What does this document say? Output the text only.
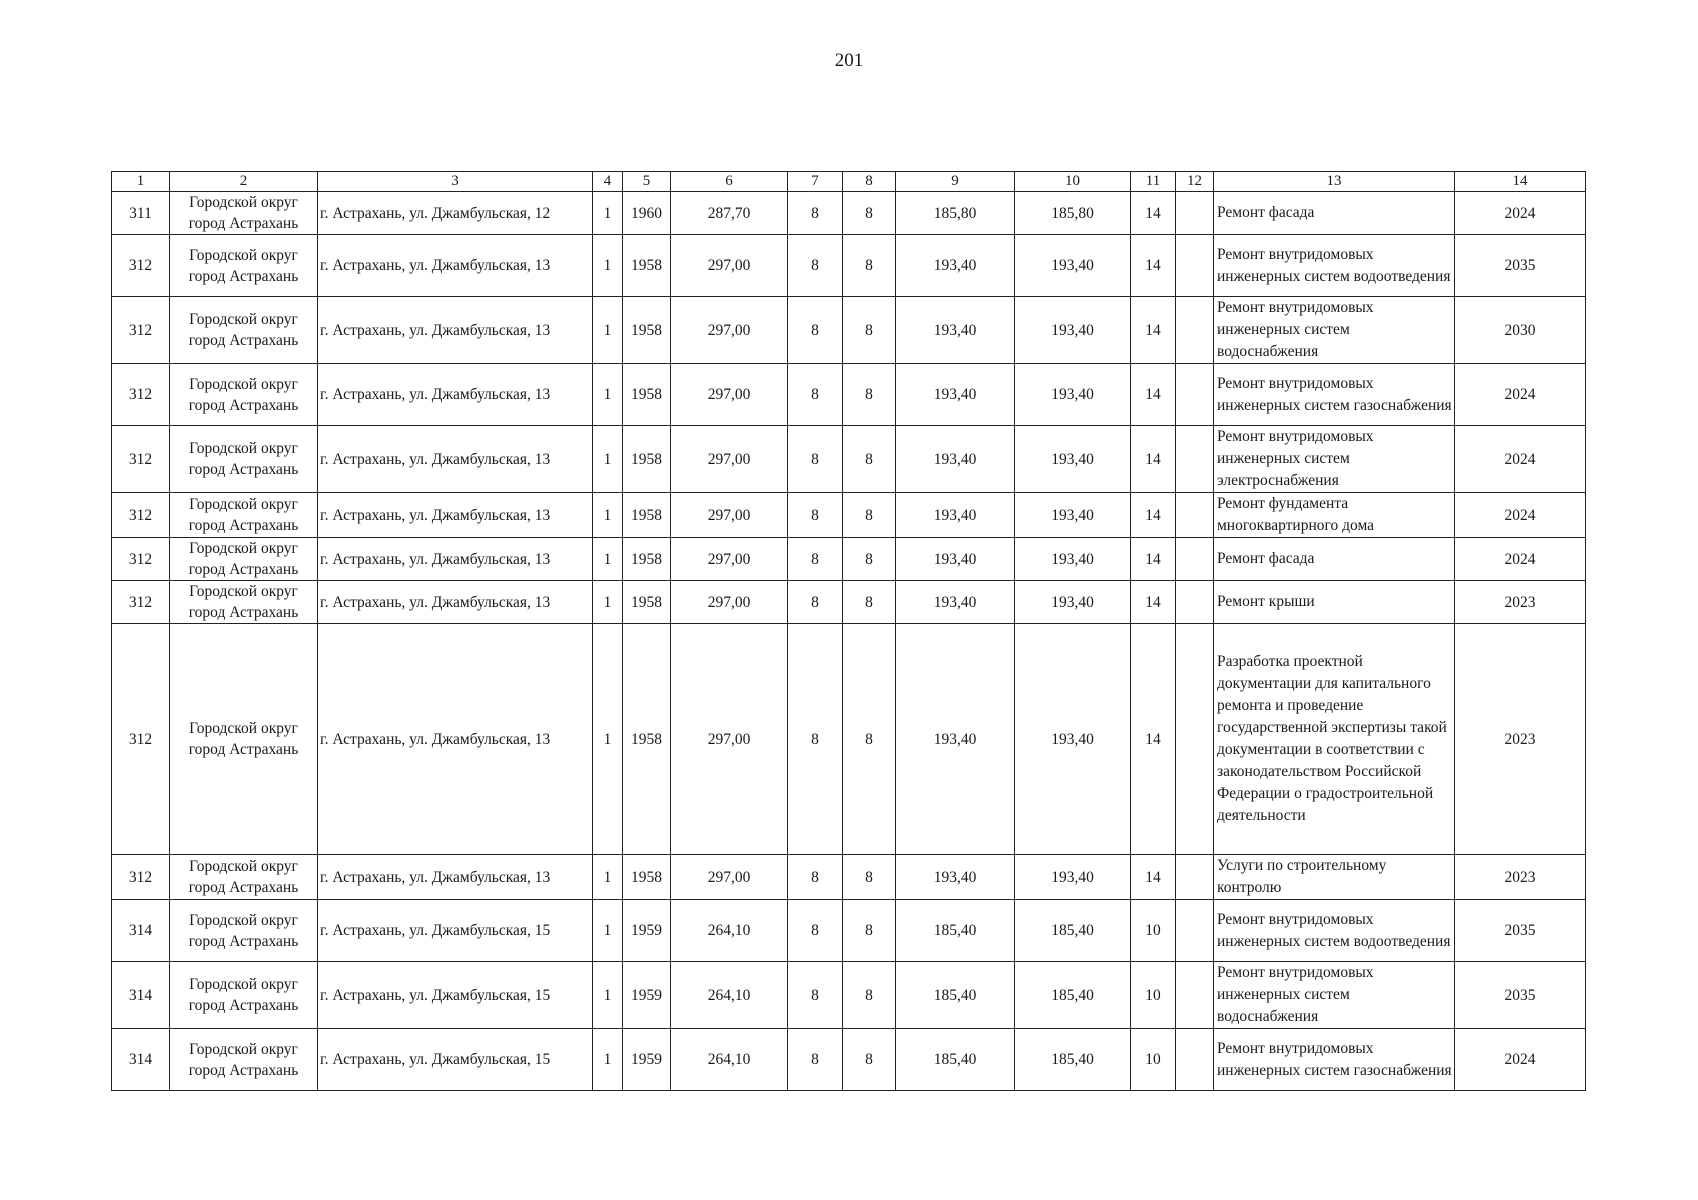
201
1	2	3	4	5	6	7	8	9	10	11	12	13	14
311	Городской округ город Астрахань	г. Астрахань, ул. Джамбульская, 12	1	1960	287,70	8	8	185,80	185,80	14		Ремонт фасада	2024
312	Городской округ город Астрахань	г. Астрахань, ул. Джамбульская, 13	1	1958	297,00	8	8	193,40	193,40	14		Ремонт внутридомовых инженерных систем водоотведения	2035
312	Городской округ город Астрахань	г. Астрахань, ул. Джамбульская, 13	1	1958	297,00	8	8	193,40	193,40	14		Ремонт внутридомовых инженерных систем водоснабжения	2030
312	Городской округ город Астрахань	г. Астрахань, ул. Джамбульская, 13	1	1958	297,00	8	8	193,40	193,40	14		Ремонт внутридомовых инженерных систем газоснабжения	2024
312	Городской округ город Астрахань	г. Астрахань, ул. Джамбульская, 13	1	1958	297,00	8	8	193,40	193,40	14		Ремонт внутридомовых инженерных систем электроснабжения	2024
312	Городской округ город Астрахань	г. Астрахань, ул. Джамбульская, 13	1	1958	297,00	8	8	193,40	193,40	14		Ремонт фундамента многоквартирного дома	2024
312	Городской округ город Астрахань	г. Астрахань, ул. Джамбульская, 13	1	1958	297,00	8	8	193,40	193,40	14		Ремонт фасада	2024
312	Городской округ город Астрахань	г. Астрахань, ул. Джамбульская, 13	1	1958	297,00	8	8	193,40	193,40	14		Ремонт крыши	2023
312	Городской округ город Астрахань	г. Астрахань, ул. Джамбульская, 13	1	1958	297,00	8	8	193,40	193,40	14		Разработка проектной документации для капитального ремонта и проведение государственной экспертизы такой документации в соответствии с законодательством Российской Федерации о градостроительной деятельности	2023
312	Городской округ город Астрахань	г. Астрахань, ул. Джамбульская, 13	1	1958	297,00	8	8	193,40	193,40	14		Услуги по строительному контролю	2023
314	Городской округ город Астрахань	г. Астрахань, ул. Джамбульская, 15	1	1959	264,10	8	8	185,40	185,40	10		Ремонт внутридомовых инженерных систем водоотведения	2035
314	Городской округ город Астрахань	г. Астрахань, ул. Джамбульская, 15	1	1959	264,10	8	8	185,40	185,40	10		Ремонт внутридомовых инженерных систем водоснабжения	2035
314	Городской округ город Астрахань	г. Астрахань, ул. Джамбульская, 15	1	1959	264,10	8	8	185,40	185,40	10		Ремонт внутридомовых инженерных систем газоснабжения	2024
